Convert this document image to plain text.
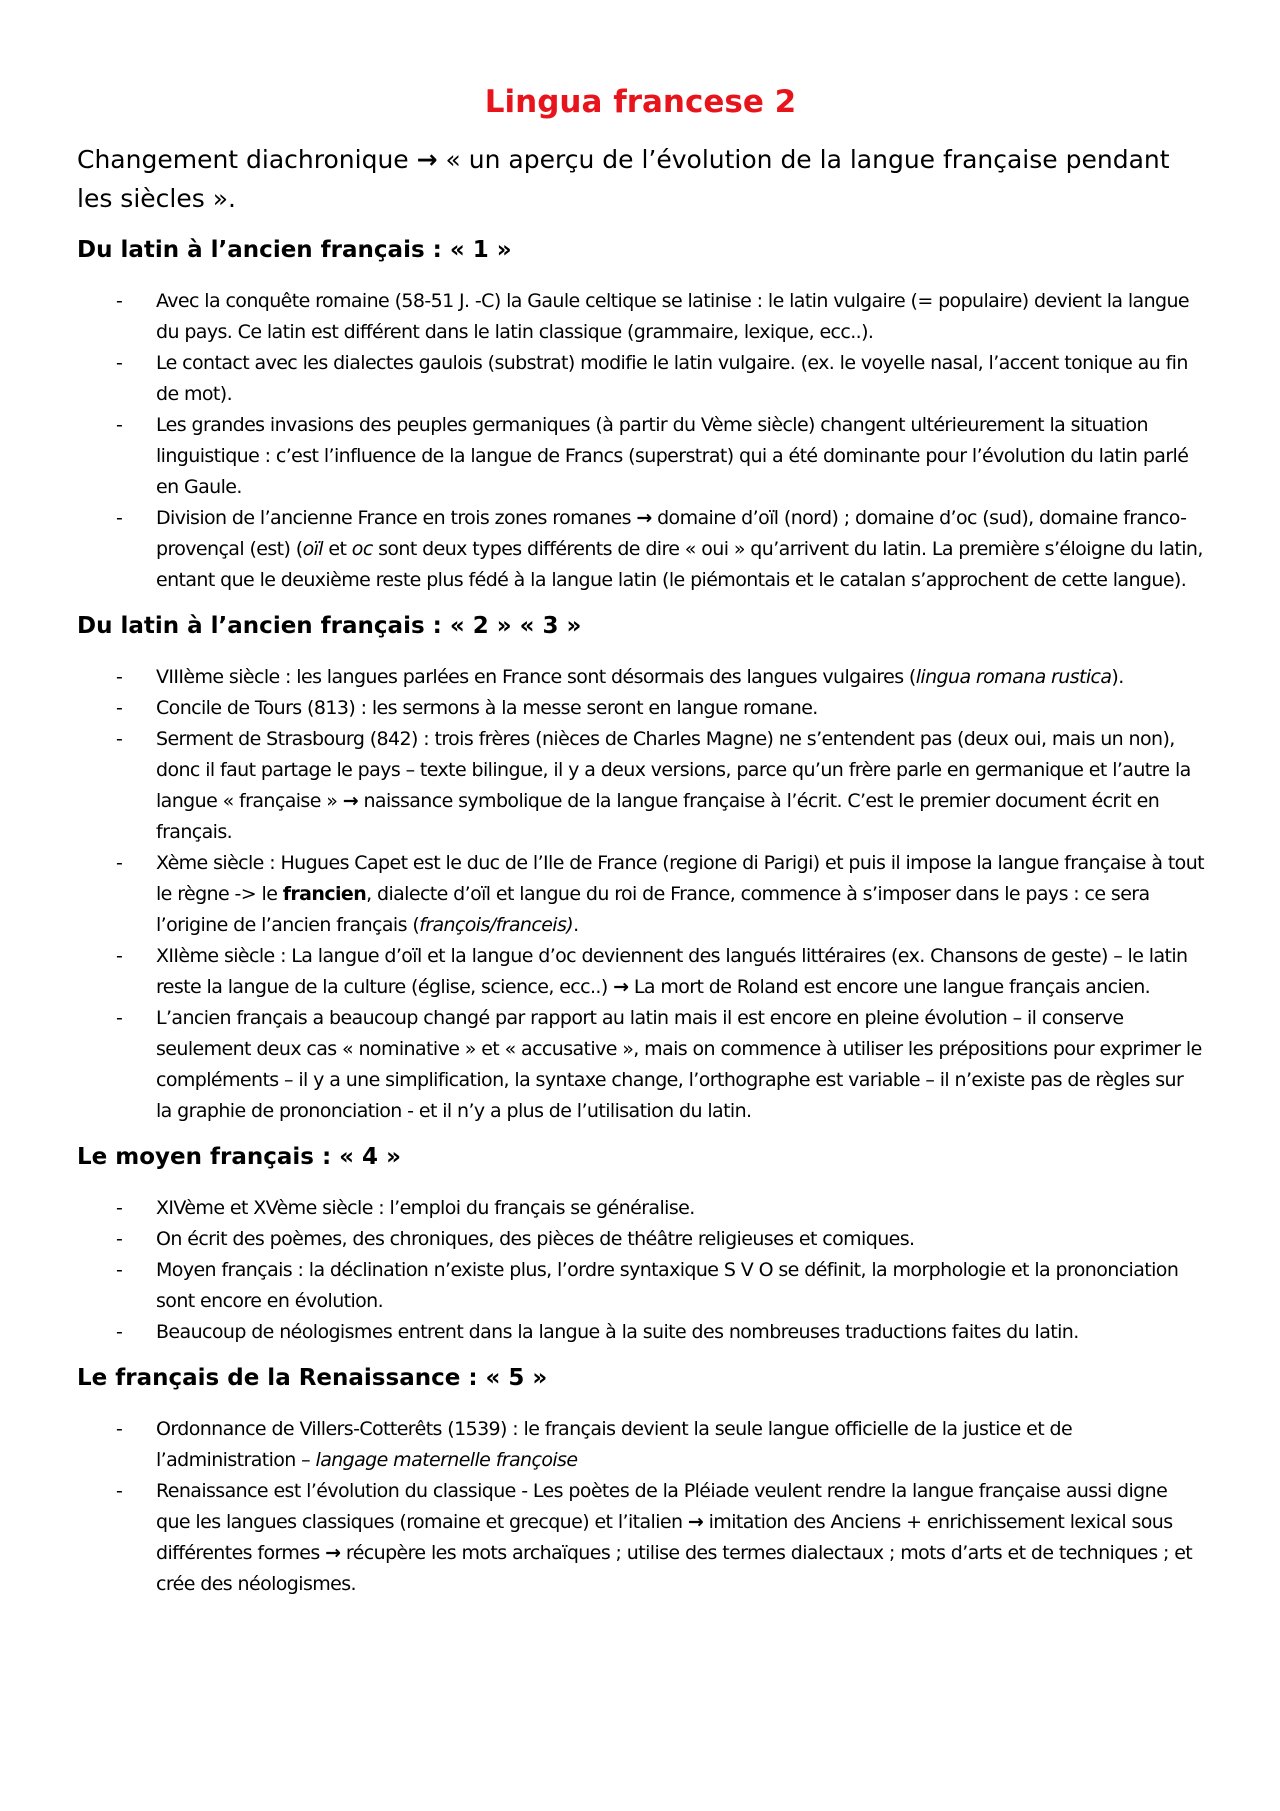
Lingua francese 2

Changement diachronique → « un aperçu de l’évolution de la langue française pendant les siècles ».

Du latin à l’ancien français : « 1 »
- Avec la conquête romaine (58-51 J. -C) la Gaule celtique se latinise : le latin vulgaire (= populaire) devient la langue du pays. Ce latin est différent dans le latin classique (grammaire, lexique, ecc..).
- Le contact avec les dialectes gaulois (substrat) modifie le latin vulgaire. (ex. le voyelle nasal, l’accent tonique au fin de mot).
- Les grandes invasions des peuples germaniques (à partir du Vème siècle) changent ultérieurement la situation linguistique : c’est l’influence de la langue de Francs (superstrat) qui a été dominante pour l’évolution du latin parlé en Gaule.
- Division de l’ancienne France en trois zones romanes → domaine d’oïl (nord) ; domaine d’oc (sud), domaine franco-provençal (est) (oïl et oc sont deux types différents de dire « oui » qu’arrivent du latin. La première s’éloigne du latin, entant que le deuxième reste plus fédé à la langue latin (le piémontais et le catalan s’approchent de cette langue).
Du latin à l’ancien français : « 2 » « 3 »
- VIIIème siècle : les langues parlées en France sont désormais des langues vulgaires (lingua romana rustica).
- Concile de Tours (813) : les sermons à la messe seront en langue romane.
- Serment de Strasbourg (842) : trois frères (nièces de Charles Magne) ne s’entendent pas (deux oui, mais un non), donc il faut partage le pays – texte bilingue, il y a deux versions, parce qu’un frère parle en germanique et l’autre la langue « française » → naissance symbolique de la langue française à l’écrit. C’est le premier document écrit en français.
- Xème siècle : Hugues Capet est le duc de l’Ile de France (regione di Parigi) et puis il impose la langue française à tout le règne -> le francien, dialecte d’oïl et langue du roi de France, commence à s’imposer dans le pays : ce sera l’origine de l’ancien français (françois/franceis).
- XIIème siècle : La langue d’oïl et la langue d’oc deviennent des langués littéraires (ex. Chansons de geste) – le latin reste la langue de la culture (église, science, ecc..) → La mort de Roland est encore une langue français ancien.
- L’ancien français a beaucoup changé par rapport au latin mais il est encore en pleine évolution – il conserve seulement deux cas « nominative » et « accusative », mais on commence à utiliser les prépositions pour exprimer le compléments – il y a une simplification, la syntaxe change, l’orthographe est variable – il n’existe pas de règles sur la graphie de prononciation - et il n’y a plus de l’utilisation du latin.
Le moyen français : « 4 »
- XIVème et XVème siècle : l’emploi du français se généralise.
- On écrit des poèmes, des chroniques, des pièces de théâtre religieuses et comiques.
- Moyen français : la déclination n’existe plus, l’ordre syntaxique S V O se définit, la morphologie et la prononciation sont encore en évolution.
- Beaucoup de néologismes entrent dans la langue à la suite des nombreuses traductions faites du latin.
Le français de la Renaissance : « 5 »
- Ordonnance de Villers-Cotterêts (1539) : le français devient la seule langue officielle de la justice et de l’administration – langage maternelle françoise
- Renaissance est l’évolution du classique - Les poètes de la Pléiade veulent rendre la langue française aussi digne que les langues classiques (romaine et grecque) et l’italien → imitation des Anciens + enrichissement lexical sous différentes formes → récupère les mots archaïques ; utilise des termes dialectaux ; mots d’arts et de techniques ; et crée des néologismes.
